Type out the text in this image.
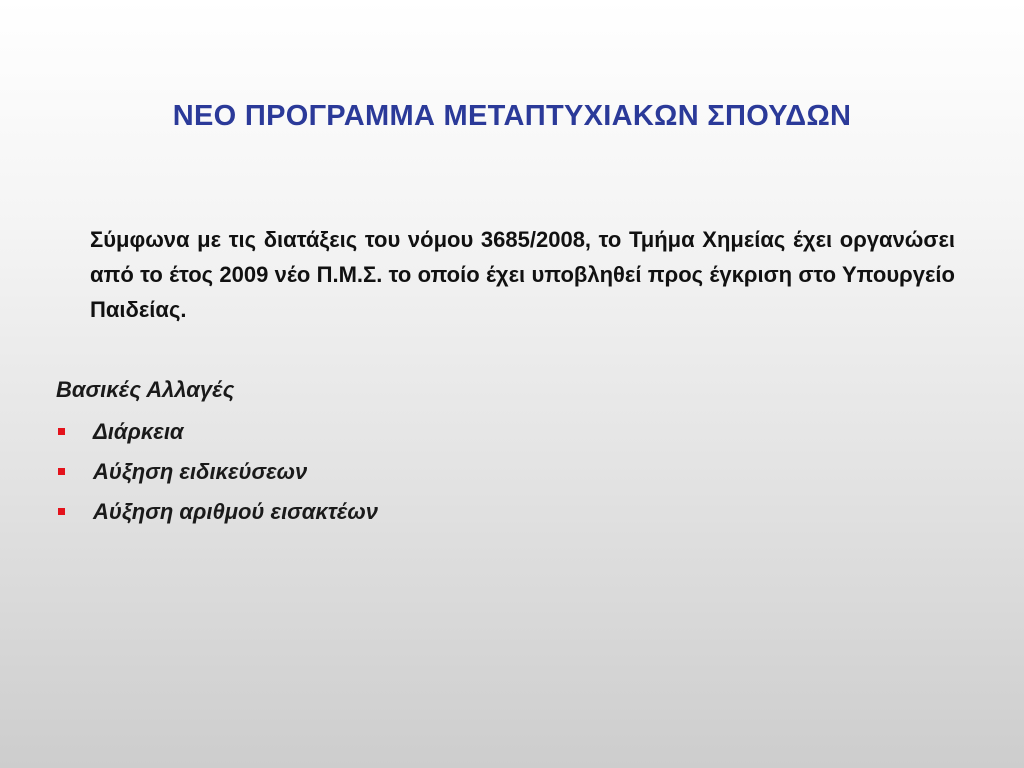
ΝΕΟ ΠΡΟΓΡΑΜΜΑ ΜΕΤΑΠΤΥΧΙΑΚΩΝ ΣΠΟΥΔΩΝ
Σύμφωνα με τις διατάξεις του νόμου 3685/2008, το Τμήμα Χημείας έχει οργανώσει από το έτος 2009 νέο Π.Μ.Σ. το οποίο έχει υποβληθεί προς έγκριση στο Υπουργείο Παιδείας.
Βασικές Αλλαγές
Διάρκεια
Αύξηση ειδικεύσεων
Αύξηση αριθμού εισακτέων
